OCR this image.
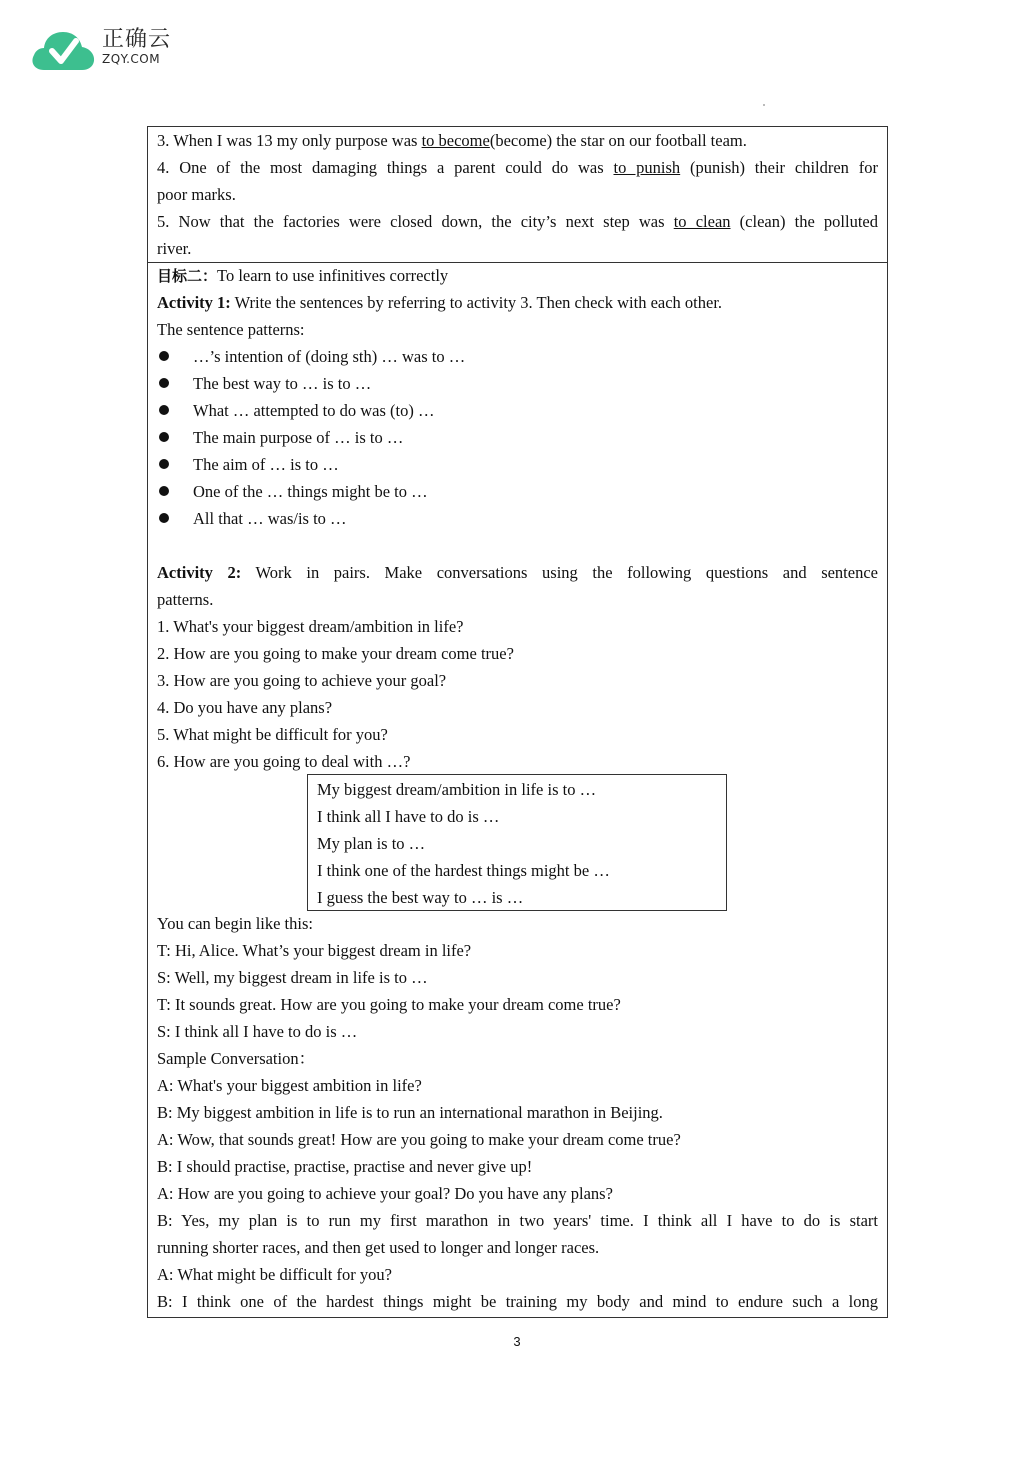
正确云
ZQY.COM
3. When I was 13 my only purpose was to become(become) the star on our football team.
4. One of the most damaging things a parent could do was to punish (punish) their children for
poor marks.
5. Now that the factories were closed down, the city’s next step was to clean (clean) the polluted
river.
目标二：To learn to use infinitives correctly
Activity 1: Write the sentences by referring to activity 3. Then check with each other.
The sentence patterns:
…’s intention of (doing sth) … was to …
The best way to … is to …
What … attempted to do was (to) …
The main purpose of … is to …
The aim of … is to …
One of the … things might be to …
All that … was/is to …
Activity 2: Work in pairs. Make conversations using the following questions and sentence
patterns.
1. What's your biggest dream/ambition in life?
2. How are you going to make your dream come true?
3. How are you going to achieve your goal?
4. Do you have any plans?
5. What might be difficult for you?
6. How are you going to deal with …?
You can begin like this:
T: Hi, Alice. What’s your biggest dream in life?
S: Well, my biggest dream in life is to …
T: It sounds great. How are you going to make your dream come true?
S: I think all I have to do is …
Sample Conversation：
A: What's your biggest ambition in life?
B: My biggest ambition in life is to run an international marathon in Beijing.
A: Wow, that sounds great! How are you going to make your dream come true?
B: I should practise, practise, practise and never give up!
A: How are you going to achieve your goal? Do you have any plans?
B: Yes, my plan is to run my first marathon in two years' time. I think all I have to do is start
running shorter races, and then get used to longer and longer races.
A: What might be difficult for you?
B: I think one of the hardest things might be training my body and mind to endure such a long
My biggest dream/ambition in life is to …
I think all I have to do is …
My plan is to …
I think one of the hardest things might be …
I guess the best way to … is …
3
